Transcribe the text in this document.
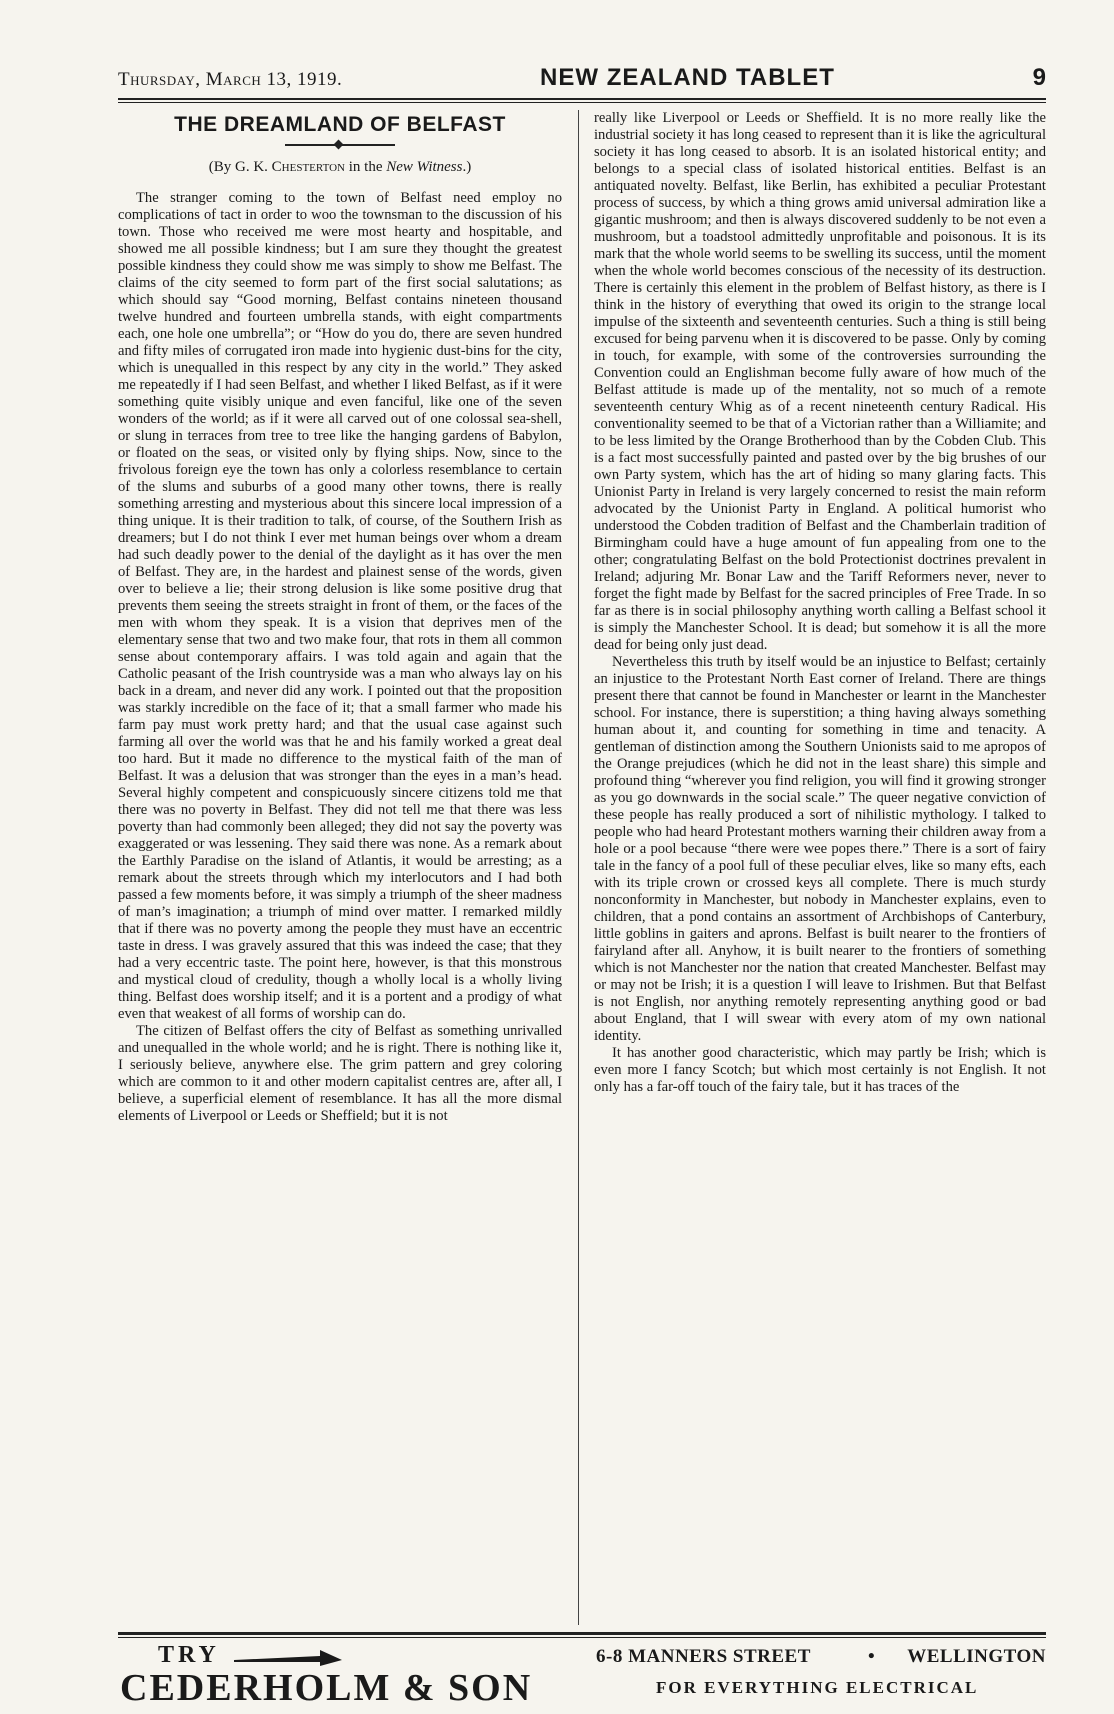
Thursday, March 13, 1919.	NEW ZEALAND TABLET	9
THE DREAMLAND OF BELFAST
(By G. K. Chesterton in the New Witness.)

The stranger coming to the town of Belfast need employ no complications of tact in order to woo the townsman to the discussion of his town. Those who received me were most hearty and hospitable, and showed me all possible kindness; but I am sure they thought the greatest possible kindness they could show me was simply to show me Belfast. The claims of the city seemed to form part of the first social salutations; as which should say “Good morning, Belfast contains nineteen thousand twelve hundred and fourteen umbrella stands, with eight compartments each, one hole one umbrella”; or “How do you do, there are seven hundred and fifty miles of corrugated iron made into hygienic dust-bins for the city, which is unequalled in this respect by any city in the world.” They asked me repeatedly if I had seen Belfast, and whether I liked Belfast, as if it were something quite visibly unique and even fanciful, like one of the seven wonders of the world; as if it were all carved out of one colossal sea-shell, or slung in terraces from tree to tree like the hanging gardens of Babylon, or floated on the seas, or visited only by flying ships. Now, since to the frivolous foreign eye the town has only a colorless resemblance to certain of the slums and suburbs of a good many other towns, there is really something arresting and mysterious about this sincere local impression of a thing unique. It is their tradition to talk, of course, of the Southern Irish as dreamers; but I do not think I ever met human beings over whom a dream had such deadly power to the denial of the daylight as it has over the men of Belfast. They are, in the hardest and plainest sense of the words, given over to believe a lie; their strong delusion is like some positive drug that prevents them seeing the streets straight in front of them, or the faces of the men with whom they speak. It is a vision that deprives men of the elementary sense that two and two make four, that rots in them all common sense about contemporary affairs. I was told again and again that the Catholic peasant of the Irish countryside was a man who always lay on his back in a dream, and never did any work. I pointed out that the proposition was starkly incredible on the face of it; that a small farmer who made his farm pay must work pretty hard; and that the usual case against such farming all over the world was that he and his family worked a great deal too hard. But it made no difference to the mystical faith of the man of Belfast. It was a delusion that was stronger than the eyes in a man’s head. Several highly competent and conspicuously sincere citizens told me that there was no poverty in Belfast. They did not tell me that there was less poverty than had commonly been alleged; they did not say the poverty was exaggerated or was lessening. They said there was none. As a remark about the Earthly Paradise on the island of Atlantis, it would be arresting; as a remark about the streets through which my interlocutors and I had both passed a few moments before, it was simply a triumph of the sheer madness of man’s imagination; a triumph of mind over matter. I remarked mildly that if there was no poverty among the people they must have an eccentric taste in dress. I was gravely assured that this was indeed the case; that they had a very eccentric taste. The point here, however, is that this monstrous and mystical cloud of credulity, though a wholly local is a wholly living thing. Belfast does worship itself; and it is a portent and a prodigy of what even that weakest of all forms of worship can do.

The citizen of Belfast offers the city of Belfast as something unrivalled and unequalled in the whole world; and he is right. There is nothing like it, I seriously believe, anywhere else. The grim pattern and grey coloring which are common to it and other modern capitalist centres are, after all, I believe, a superficial element of resemblance. It has all the more dismal elements of Liverpool or Leeds or Sheffield; but it is not

really like Liverpool or Leeds or Sheffield. It is no more really like the industrial society it has long ceased to represent than it is like the agricultural society it has long ceased to absorb. It is an isolated historical entity; and belongs to a special class of isolated historical entities. Belfast is an antiquated novelty. Belfast, like Berlin, has exhibited a peculiar Protestant process of success, by which a thing grows amid universal admiration like a gigantic mushroom; and then is always discovered suddenly to be not even a mushroom, but a toadstool admittedly unprofitable and poisonous. It is its mark that the whole world seems to be swelling its success, until the moment when the whole world becomes conscious of the necessity of its destruction. There is certainly this element in the problem of Belfast history, as there is I think in the history of everything that owed its origin to the strange local impulse of the sixteenth and seventeenth centuries. Such a thing is still being excused for being parvenu when it is discovered to be passe. Only by coming in touch, for example, with some of the controversies surrounding the Convention could an Englishman become fully aware of how much of the Belfast attitude is made up of the mentality, not so much of a remote seventeenth century Whig as of a recent nineteenth century Radical. His conventionality seemed to be that of a Victorian rather than a Williamite; and to be less limited by the Orange Brotherhood than by the Cobden Club. This is a fact most successfully painted and pasted over by the big brushes of our own Party system, which has the art of hiding so many glaring facts. This Unionist Party in Ireland is very largely concerned to resist the main reform advocated by the Unionist Party in England. A political humorist who understood the Cobden tradition of Belfast and the Chamberlain tradition of Birmingham could have a huge amount of fun appealing from one to the other; congratulating Belfast on the bold Protectionist doctrines prevalent in Ireland; adjuring Mr. Bonar Law and the Tariff Reformers never, never to forget the fight made by Belfast for the sacred principles of Free Trade. In so far as there is in social philosophy anything worth calling a Belfast school it is simply the Manchester School. It is dead; but somehow it is all the more dead for being only just dead.

Nevertheless this truth by itself would be an injustice to Belfast; certainly an injustice to the Protestant North East corner of Ireland. There are things present there that cannot be found in Manchester or learnt in the Manchester school. For instance, there is superstition; a thing having always something human about it, and counting for something in time and tenacity. A gentleman of distinction among the Southern Unionists said to me apropos of the Orange prejudices (which he did not in the least share) this simple and profound thing “wherever you find religion, you will find it growing stronger as you go downwards in the social scale.” The queer negative conviction of these people has really produced a sort of nihilistic mythology. I talked to people who had heard Protestant mothers warning their children away from a hole or a pool because “there were wee popes there.” There is a sort of fairy tale in the fancy of a pool full of these peculiar elves, like so many efts, each with its triple crown or crossed keys all complete. There is much sturdy nonconformity in Manchester, but nobody in Manchester explains, even to children, that a pond contains an assortment of Archbishops of Canterbury, little goblins in gaiters and aprons. Belfast is built nearer to the frontiers of fairyland after all. Anyhow, it is built nearer to the frontiers of something which is not Manchester nor the nation that created Manchester. Belfast may or may not be Irish; it is a question I will leave to Irishmen. But that Belfast is not English, nor anything remotely representing anything good or bad about England, that I will swear with every atom of my own national identity.

It has another good characteristic, which may partly be Irish; which is even more I fancy Scotch; but which most certainly is not English. It not only has a far-off touch of the fairy tale, but it has traces of the

TRY
CEDERHOLM & SON
6-8 MANNERS STREET	• WELLINGTON
FOR EVERYTHING ELECTRICAL
